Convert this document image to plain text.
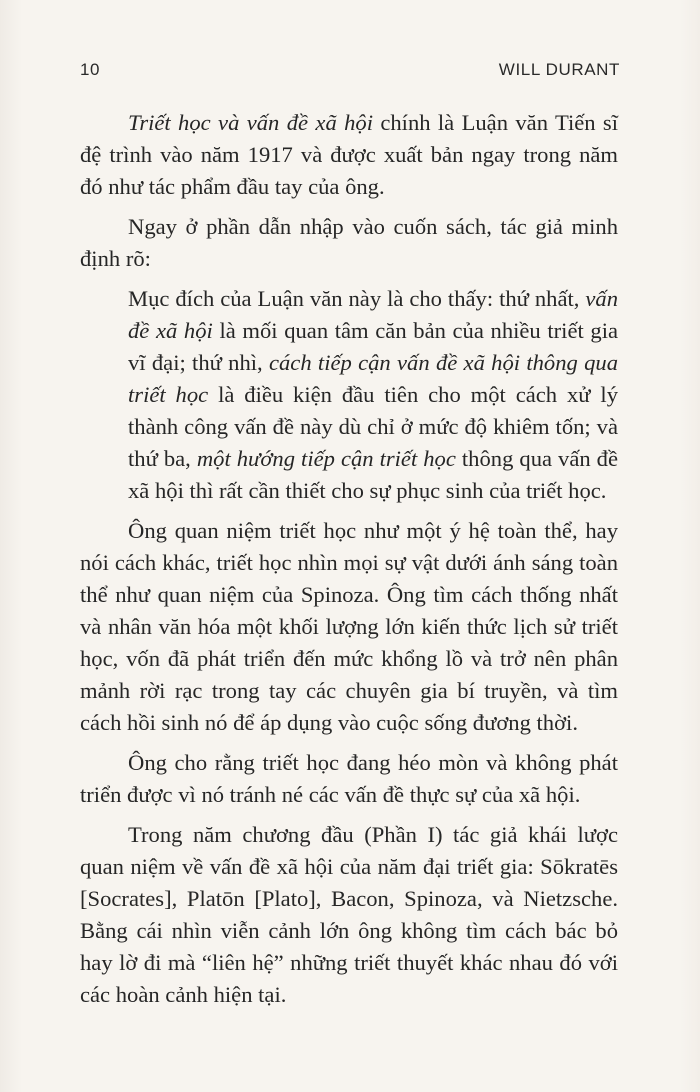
10	WILL DURANT

Triết học và vấn đề xã hội chính là Luận văn Tiến sĩ đệ trình vào năm 1917 và được xuất bản ngay trong năm đó như tác phẩm đầu tay của ông.

Ngay ở phần dẫn nhập vào cuốn sách, tác giả minh định rõ:

Mục đích của Luận văn này là cho thấy: thứ nhất, vấn đề xã hội là mối quan tâm căn bản của nhiều triết gia vĩ đại; thứ nhì, cách tiếp cận vấn đề xã hội thông qua triết học là điều kiện đầu tiên cho một cách xử lý thành công vấn đề này dù chỉ ở mức độ khiêm tốn; và thứ ba, một hướng tiếp cận triết học thông qua vấn đề xã hội thì rất cần thiết cho sự phục sinh của triết học.

Ông quan niệm triết học như một ý hệ toàn thể, hay nói cách khác, triết học nhìn mọi sự vật dưới ánh sáng toàn thể như quan niệm của Spinoza. Ông tìm cách thống nhất và nhân văn hóa một khối lượng lớn kiến thức lịch sử triết học, vốn đã phát triển đến mức khổng lồ và trở nên phân mảnh rời rạc trong tay các chuyên gia bí truyền, và tìm cách hồi sinh nó để áp dụng vào cuộc sống đương thời.

Ông cho rằng triết học đang héo mòn và không phát triển được vì nó tránh né các vấn đề thực sự của xã hội.

Trong năm chương đầu (Phần I) tác giả khái lược quan niệm về vấn đề xã hội của năm đại triết gia: Sōkratēs [Socrates], Platōn [Plato], Bacon, Spinoza, và Nietzsche. Bằng cái nhìn viễn cảnh lớn ông không tìm cách bác bỏ hay lờ đi mà “liên hệ” những triết thuyết khác nhau đó với các hoàn cảnh hiện tại.
